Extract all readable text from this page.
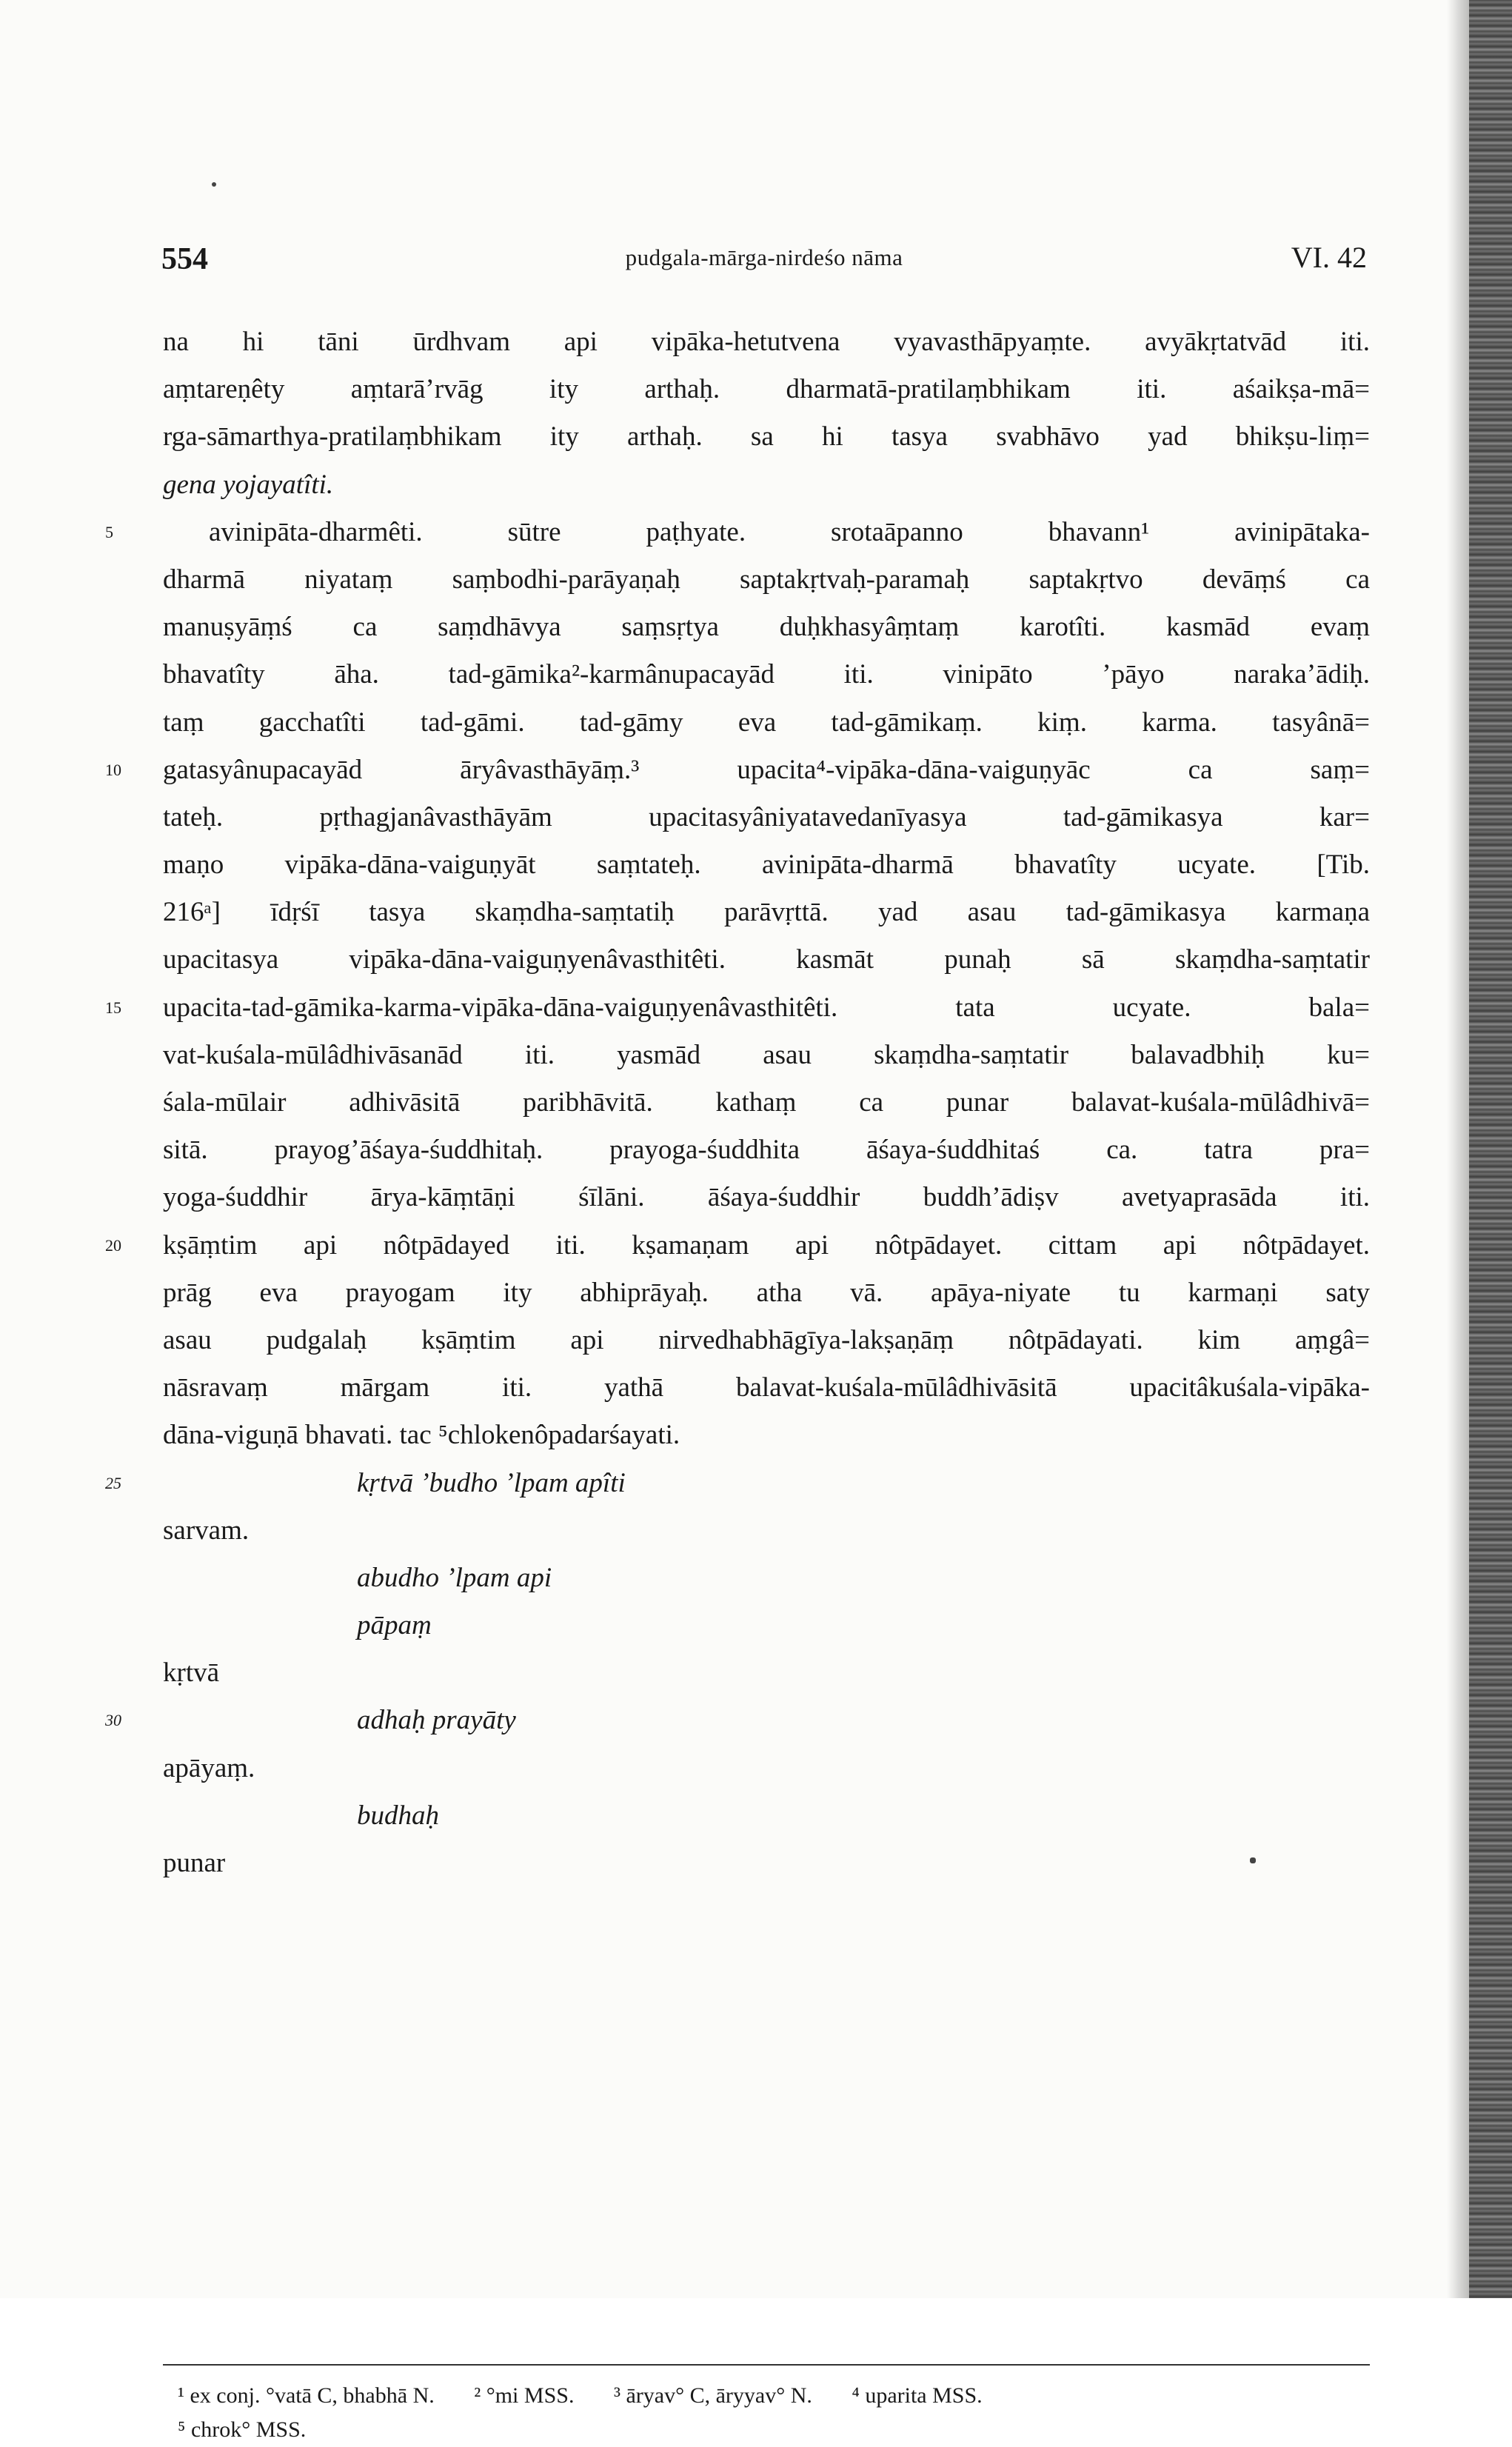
554	pudgala-mārga-nirdeśo nāma	VI. 42
na hi tāni ūrdhvam api vipāka-hetutvena vyavasthāpyaṃte. avyākṛtatvād iti.
aṃtareṇêty aṃtarā’rvāg ity arthaḥ. dharmatā-pratilaṃbhikam iti. aśaikṣa-mā=
rga-sāmarthya-pratilaṃbhikam ity arthaḥ. sa hi tasya svabhāvo yad bhikṣu-liṃ=
gena yojayatîti.
5	avinipāta-dharmêti. sūtre paṭhyate. srotaāpanno bhavann¹ avinipātaka-
dharmā niyataṃ saṃbodhi-parāyaṇaḥ saptakṛtvaḥ-paramaḥ saptakṛtvo devāṃś ca
manuṣyāṃś ca saṃdhāvya saṃsṛtya duḥkhasyâṃtaṃ karotîti. kasmād evaṃ
bhavatîty āha. tad-gāmika²-karmânupacayād iti. vinipāto ’pāyo naraka’ādiḥ.
taṃ gacchatîti tad-gāmi. tad-gāmy eva tad-gāmikaṃ. kiṃ. karma. tasyânā=
10	gatasyânupacayād āryâvasthāyāṃ.³ upacita⁴-vipāka-dāna-vaiguṇyāc ca saṃ=
tateḥ. pṛthagjanâvasthāyām upacitasyâniyatavedanīyasya tad-gāmikasya kar=
maṇo vipāka-dāna-vaiguṇyāt saṃtateḥ. avinipāta-dharmā bhavatîty ucyate. [Tib.
216ᵃ] īdṛśī tasya skaṃdha-saṃtatiḥ parāvṛttā. yad asau tad-gāmikasya karmaṇa
upacitasya vipāka-dāna-vaiguṇyenâvasthitêti. kasmāt punaḥ sā skaṃdha-saṃtatir
15	upacita-tad-gāmika-karma-vipāka-dāna-vaiguṇyenâvasthitêti. tata ucyate. bala=
vat-kuśala-mūlâdhivāsanād iti. yasmād asau skaṃdha-saṃtatir balavadbhiḥ ku=
śala-mūlair adhivāsitā paribhāvitā. kathaṃ ca punar balavat-kuśala-mūlâdhivā=
sitā. prayog’āśaya-śuddhitaḥ. prayoga-śuddhita āśaya-śuddhitaś ca. tatra pra=
yoga-śuddhir ārya-kāṃtāṇi śīlāni. āśaya-śuddhir buddh’ādiṣv avetyaprasāda iti.
20	kṣāṃtim api nôtpādayed iti. kṣamaṇam api nôtpādayet. cittam api nôtpādayet.
prāg eva prayogam ity abhiprāyaḥ. atha vā. apāya-niyate tu karmaṇi saty
asau pudgalaḥ kṣāṃtim api nirvedhabhāgīya-lakṣaṇāṃ nôtpādayati. kim aṃgâ=
nāsravaṃ mārgam iti. yathā balavat-kuśala-mūlâdhivāsitā upacitâkuśala-vipāka-
dāna-viguṇā bhavati. tac ⁵chlokenôpadarśayati.
25	kṛtvā ’budho ’lpam apîti
sarvam.
abudho ’lpam api
pāpaṃ
kṛtvā
30	adhaḥ prayāty
apāyaṃ.
budhaḥ
punar
¹ ex conj. °vatā C, bhabhā N. ² °mi MSS. ³ āryav° C, āryyav° N. ⁴ uparita MSS.
⁵ chrok° MSS.
